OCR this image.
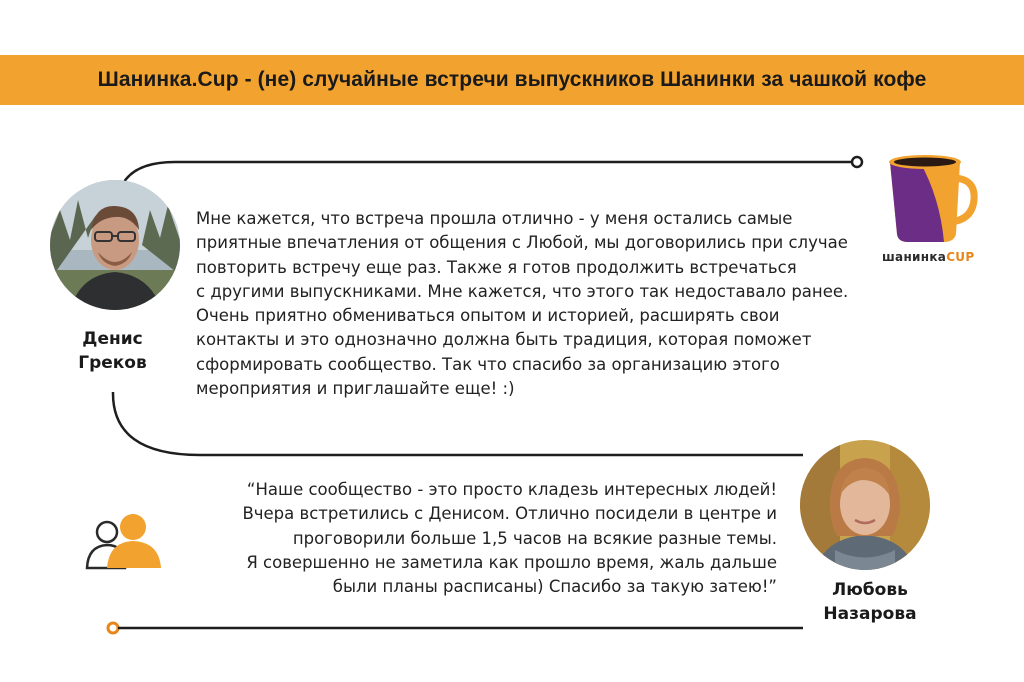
Шанинка.Cup - (не) случайные встречи выпускников Шанинки за чашкой кофе
Денис
Греков
Мне кажется, что встреча прошла отлично - у меня остались самые
приятные впечатления от общения с Любой, мы договорились при случае
повторить встречу еще раз. Также я готов продолжить встречаться
с другими выпускниками. Мне кажется, что этого так недоставало ранее.
Очень приятно обмениваться опытом и историей, расширять свои
контакты и это однозначно должна быть традиция, которая поможет
сформировать сообщество. Так что спасибо за организацию этого
мероприятия и приглашайте еще! :)
шанинкаCUP
Любовь
Назарова
“Наше сообщество - это просто кладезь интересных людей!
Вчера встретились с Денисом. Отлично посидели в центре и
проговорили больше 1,5 часов на всякие разные темы.
Я совершенно не заметила как прошло время, жаль дальше
были планы расписаны) Спасибо за такую затею!”
